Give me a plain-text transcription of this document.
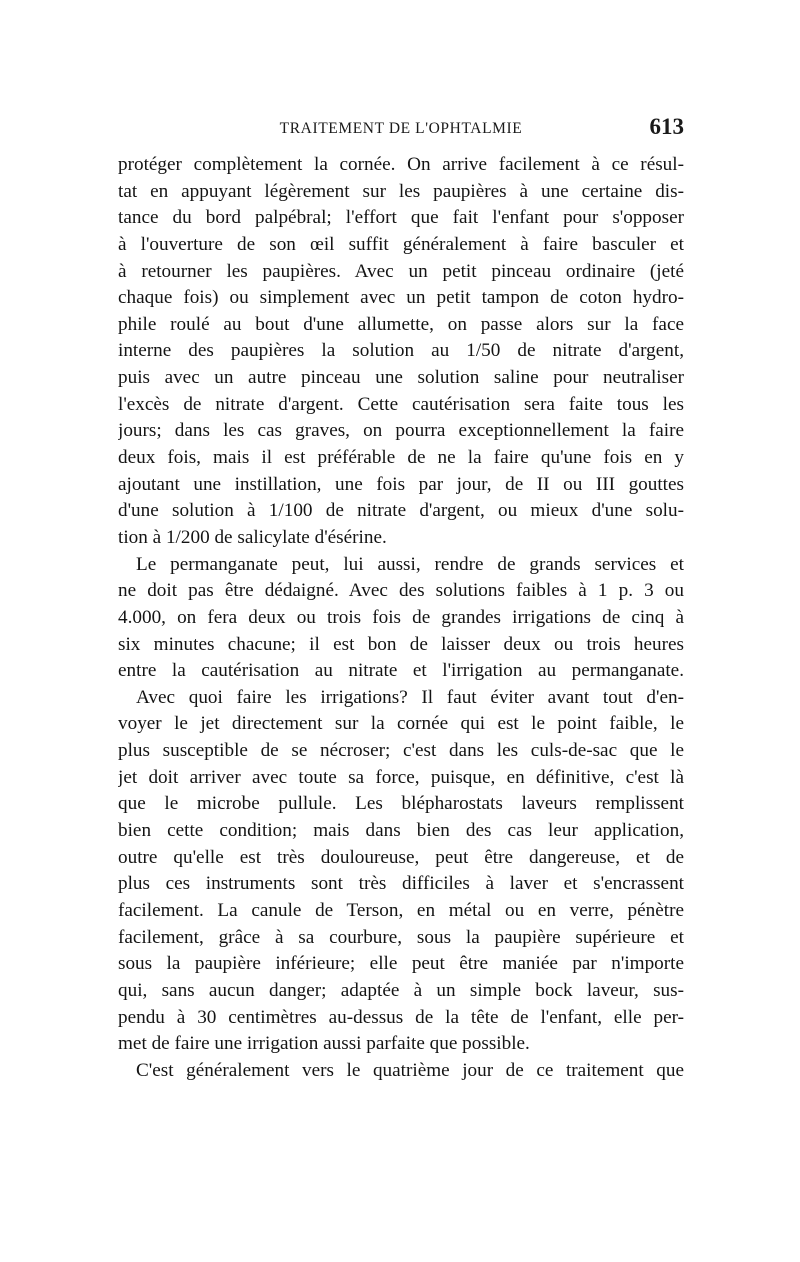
TRAITEMENT DE L'OPHTALMIE	613
protéger complètement la cornée. On arrive facilement à ce résul-
tat en appuyant légèrement sur les paupières à une certaine dis-
tance du bord palpébral; l'effort que fait l'enfant pour s'opposer
à l'ouverture de son œil suffit généralement à faire basculer et
à retourner les paupières. Avec un petit pinceau ordinaire (jeté
chaque fois) ou simplement avec un petit tampon de coton hydro-
phile roulé au bout d'une allumette, on passe alors sur la face
interne des paupières la solution au 1/50 de nitrate d'argent,
puis avec un autre pinceau une solution saline pour neutraliser
l'excès de nitrate d'argent. Cette cautérisation sera faite tous les
jours; dans les cas graves, on pourra exceptionnellement la faire
deux fois, mais il est préférable de ne la faire qu'une fois en y
ajoutant une instillation, une fois par jour, de II ou III gouttes
d'une solution à 1/100 de nitrate d'argent, ou mieux d'une solu-
tion à 1/200 de salicylate d'ésérine.
Le permanganate peut, lui aussi, rendre de grands services et
ne doit pas être dédaigné. Avec des solutions faibles à 1 p. 3 ou
4.000, on fera deux ou trois fois de grandes irrigations de cinq à
six minutes chacune; il est bon de laisser deux ou trois heures
entre la cautérisation au nitrate et l'irrigation au permanganate.
Avec quoi faire les irrigations? Il faut éviter avant tout d'en-
voyer le jet directement sur la cornée qui est le point faible, le
plus susceptible de se nécroser; c'est dans les culs-de-sac que le
jet doit arriver avec toute sa force, puisque, en définitive, c'est là
que le microbe pullule. Les blépharostats laveurs remplissent
bien cette condition; mais dans bien des cas leur application,
outre qu'elle est très douloureuse, peut être dangereuse, et de
plus ces instruments sont très difficiles à laver et s'encrassent
facilement. La canule de Terson, en métal ou en verre, pénètre
facilement, grâce à sa courbure, sous la paupière supérieure et
sous la paupière inférieure; elle peut être maniée par n'importe
qui, sans aucun danger; adaptée à un simple bock laveur, sus-
pendu à 30 centimètres au-dessus de la tête de l'enfant, elle per-
met de faire une irrigation aussi parfaite que possible.
C'est généralement vers le quatrième jour de ce traitement que
